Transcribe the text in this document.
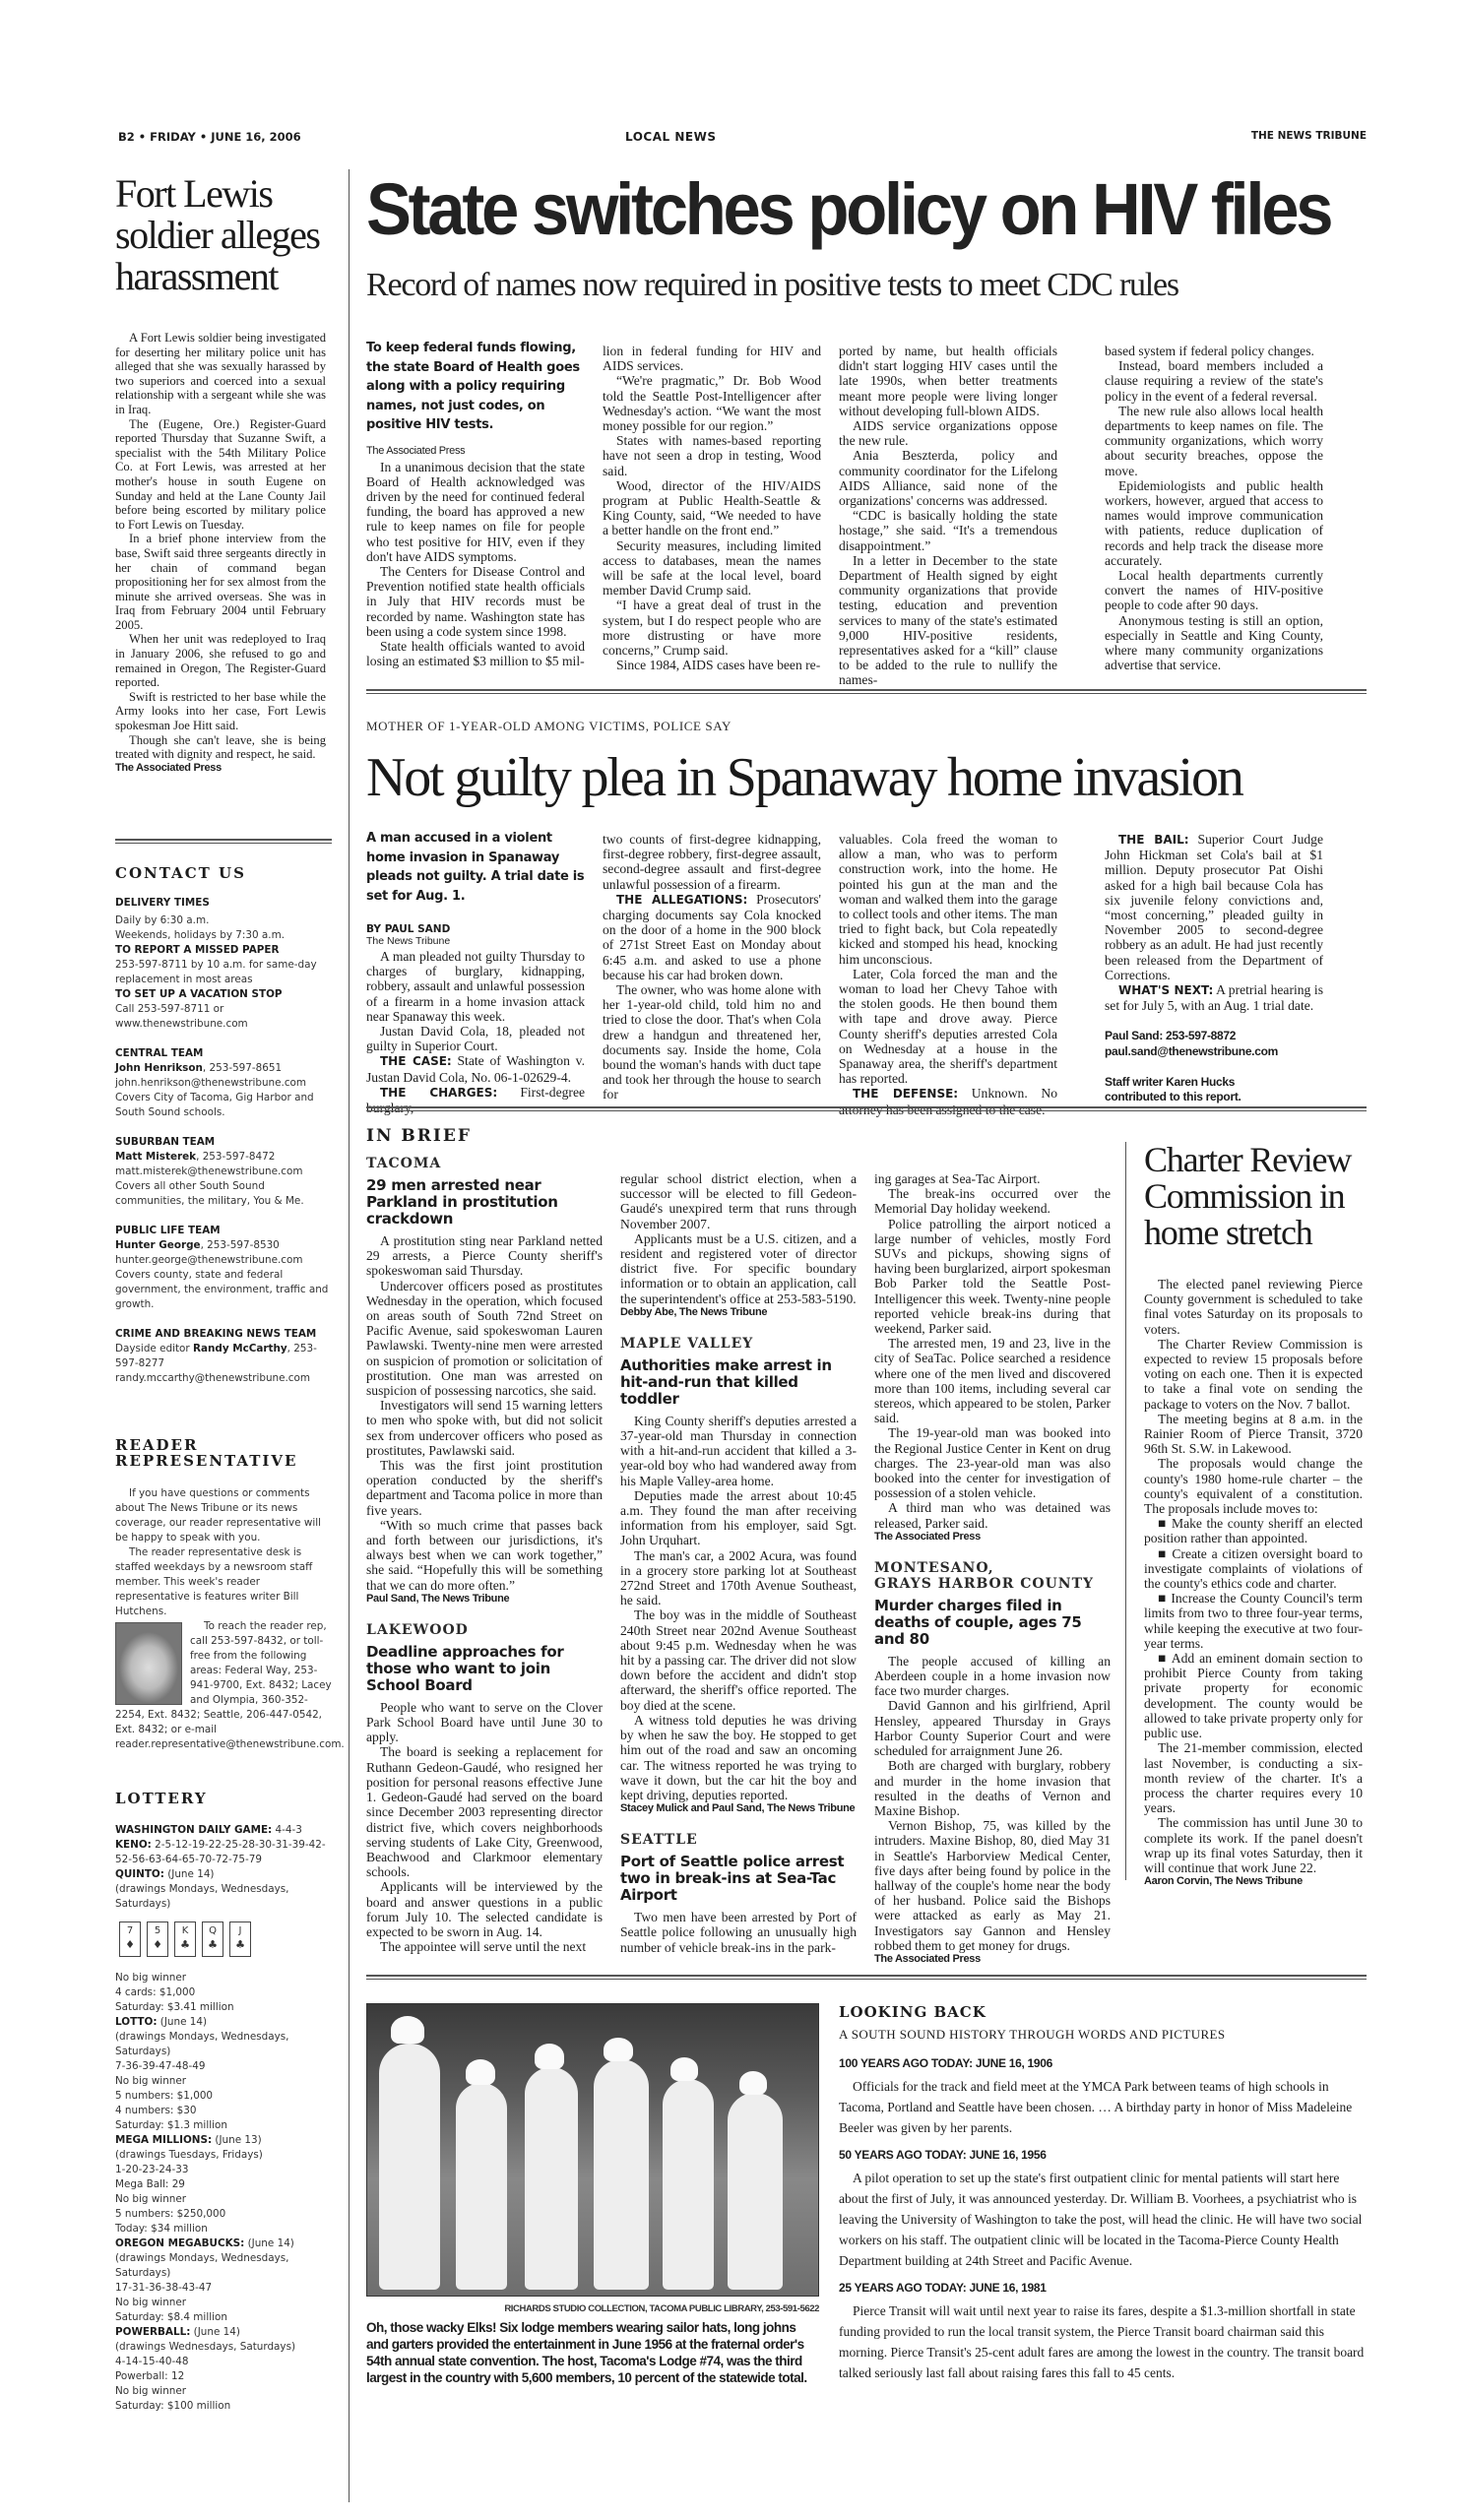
B2 • FRIDAY • JUNE 16, 2006	LOCAL NEWS	THE NEWS TRIBUNE
Fort Lewis soldier alleges harassment

A Fort Lewis soldier being investigated for deserting her military police unit has alleged that she was sexually harassed by two superiors and coerced into a sexual relationship with a sergeant while she was in Iraq.

The (Eugene, Ore.) Register-Guard reported Thursday that Suzanne Swift, a specialist with the 54th Military Police Co. at Fort Lewis, was arrested at her mother's house in south Eugene on Sunday and held at the Lane County Jail before being escorted by military police to Fort Lewis on Tuesday.

In a brief phone interview from the base, Swift said three sergeants directly in her chain of command began propositioning her for sex almost from the minute she arrived overseas. She was in Iraq from February 2004 until February 2005.

When her unit was redeployed to Iraq in January 2006, she refused to go and remained in Oregon, The Register-Guard reported.

Swift is restricted to her base while the Army looks into her case, Fort Lewis spokesman Joe Hitt said.

Though she can't leave, she is being treated with dignity and respect, he said.

The Associated Press
CONTACT US
DELIVERY TIMES
Daily by 6:30 a.m.
Weekends, holidays by 7:30 a.m.
TO REPORT A MISSED PAPER
253-597-8711 by 10 a.m. for same-day replacement in most areas
TO SET UP A VACATION STOP
Call 253-597-8711 or www.thenewstribune.com
CENTRAL TEAM
John Henrikson, 253-597-8651
john.henrikson@thenewstribune.com
Covers City of Tacoma, Gig Harbor and South Sound schools.
SUBURBAN TEAM
Matt Misterek, 253-597-8472
matt.misterek@thenewstribune.com
Covers all other South Sound communities, the military, You & Me.
PUBLIC LIFE TEAM
Hunter George, 253-597-8530
hunter.george@thenewstribune.com
Covers county, state and federal government, the environment, traffic and growth.
CRIME AND BREAKING NEWS TEAM
Dayside editor Randy McCarthy, 253-597-8277
randy.mccarthy@thenewstribune.com
READER
REPRESENTATIVE

If you have questions or comments about The News Tribune or its news coverage, our reader representative will be happy to speak with you.

The reader representative desk is staffed weekdays by a newsroom staff member. This week's reader representative is features writer Bill Hutchens.

To reach the reader rep, call 253-597-8432, or toll-free from the following areas: Federal Way, 253-941-9700, Ext. 8432; Lacey and Olympia, 360-352-2254, Ext. 8432; Seattle, 206-447-0542, Ext. 8432; or e-mail reader.representative@thenewstribune.com.

LOTTERY
WASHINGTON DAILY GAME: 4-4-3
KENO: 2-5-12-19-22-25-28-30-31-39-42-52-56-63-64-65-70-72-75-79
QUINTO: (June 14)
(drawings Mondays, Wednesdays, Saturdays)
7
♦
5
♦
K
♣
Q
♣
J
♣
No big winner
4 cards: $1,000
Saturday: $3.41 million
LOTTO: (June 14)
(drawings Mondays, Wednesdays, Saturdays)
7-36-39-47-48-49
No big winner
5 numbers: $1,000
4 numbers: $30
Saturday: $1.3 million
MEGA MILLIONS: (June 13)
(drawings Tuesdays, Fridays)
1-20-23-24-33
Mega Ball: 29
No big winner
5 numbers: $250,000
Today: $34 million
OREGON MEGABUCKS: (June 14)
(drawings Mondays, Wednesdays, Saturdays)
17-31-36-38-43-47
No big winner
Saturday: $8.4 million
POWERBALL: (June 14)
(drawings Wednesdays, Saturdays)
4-14-15-40-48
Powerball: 12
No big winner
Saturday: $100 million
State switches policy on HIV files
Record of names now required in positive tests to meet CDC rules
To keep federal funds flowing, the state Board of Health goes along with a policy requiring names, not just codes, on positive HIV tests.
The Associated Press

In a unanimous decision that the state Board of Health acknowledged was driven by the need for continued federal funding, the board has approved a new rule to keep names on file for people who test positive for HIV, even if they don't have AIDS symptoms.

The Centers for Disease Control and Prevention notified state health officials in July that HIV records must be recorded by name. Washington state has been using a code system since 1998.

State health officials wanted to avoid losing an estimated $3 million to $5 mil-

lion in federal funding for HIV and AIDS services.

“We're pragmatic,” Dr. Bob Wood told the Seattle Post-Intelligencer after Wednesday's action. “We want the most money possible for our region.”

States with names-based reporting have not seen a drop in testing, Wood said.

Wood, director of the HIV/AIDS program at Public Health-Seattle & King County, said, “We needed to have a better handle on the front end.”

Security measures, including limited access to databases, mean the names will be safe at the local level, board member David Crump said.

“I have a great deal of trust in the system, but I do respect people who are more distrusting or have more concerns,” Crump said.

Since 1984, AIDS cases have been re-

ported by name, but health officials didn't start logging HIV cases until the late 1990s, when better treatments meant more people were living longer without developing full-blown AIDS.

AIDS service organizations oppose the new rule.

Ania Beszterda, policy and community coordinator for the Lifelong AIDS Alliance, said none of the organizations' concerns was addressed.

“CDC is basically holding the state hostage,” she said. “It's a tremendous disappointment.”

In a letter in December to the state Department of Health signed by eight community organizations that provide testing, education and prevention services to many of the state's estimated 9,000 HIV-positive residents, representatives asked for a “kill” clause to be added to the rule to nullify the names-

based system if federal policy changes.

Instead, board members included a clause requiring a review of the state's policy in the event of a federal reversal.

The new rule also allows local health departments to keep names on file. The community organizations, which worry about security breaches, oppose the move.

Epidemiologists and public health workers, however, argued that access to names would improve communication with patients, reduce duplication of records and help track the disease more accurately.

Local health departments currently convert the names of HIV-positive people to code after 90 days.

Anonymous testing is still an option, especially in Seattle and King County, where many community organizations advertise that service.

MOTHER OF 1-YEAR-OLD AMONG VICTIMS, POLICE SAY
Not guilty plea in Spanaway home invasion
A man accused in a violent home invasion in Spanaway pleads not guilty. A trial date is set for Aug. 1.
BY PAUL SAND
The News Tribune

A man pleaded not guilty Thursday to charges of burglary, kidnapping, robbery, assault and unlawful possession of a firearm in a home invasion attack near Spanaway this week.

Justan David Cola, 18, pleaded not guilty in Superior Court.

THE CASE: State of Washington v. Justan David Cola, No. 06-1-02629-4.

THE CHARGES: First-degree burglary,

two counts of first-degree kidnapping, first-degree robbery, first-degree assault, second-degree assault and first-degree unlawful possession of a firearm.

THE ALLEGATIONS: Prosecutors' charging documents say Cola knocked on the door of a home in the 900 block of 271st Street East on Monday about 6:45 a.m. and asked to use a phone because his car had broken down.

The owner, who was home alone with her 1-year-old child, told him no and tried to close the door. That's when Cola drew a handgun and threatened her, documents say. Inside the home, Cola bound the woman's hands with duct tape and took her through the house to search for

valuables. Cola freed the woman to allow a man, who was to perform construction work, into the home. He pointed his gun at the man and the woman and walked them into the garage to collect tools and other items. The man tried to fight back, but Cola repeatedly kicked and stomped his head, knocking him unconscious.

Later, Cola forced the man and the woman to load her Chevy Tahoe with the stolen goods. He then bound them with tape and drove away. Pierce County sheriff's deputies arrested Cola on Wednesday at a house in the Spanaway area, the sheriff's department has reported.

THE DEFENSE: Unknown. No attorney has been assigned to the case.

THE BAIL: Superior Court Judge John Hickman set Cola's bail at $1 million. Deputy prosecutor Pat Oishi asked for a high bail because Cola has six juvenile felony convictions and, “most concerning,” pleaded guilty in November 2005 to second-degree robbery as an adult. He had just recently been released from the Department of Corrections.

WHAT'S NEXT: A pretrial hearing is set for July 5, with an Aug. 1 trial date.

Paul Sand: 253-597-8872
paul.sand@thenewstribune.com
Staff writer Karen Hucks contributed to this report.
IN BRIEF
TACOMA
29 men arrested near Parkland in prostitution crackdown

A prostitution sting near Parkland netted 29 arrests, a Pierce County sheriff's spokeswoman said Thursday.

Undercover officers posed as prostitutes Wednesday in the operation, which focused on areas south of South 72nd Street on Pacific Avenue, said spokeswoman Lauren Pawlawski. Twenty-nine men were arrested on suspicion of promotion or solicitation of prostitution. One man was arrested on suspicion of possessing narcotics, she said.

Investigators will send 15 warning letters to men who spoke with, but did not solicit sex from undercover officers who posed as prostitutes, Pawlawski said.

This was the first joint prostitution operation conducted by the sheriff's department and Tacoma police in more than five years.

“With so much crime that passes back and forth between our jurisdictions, it's always best when we can work together,” she said. “Hopefully this will be something that we can do more often.”

Paul Sand, The News Tribune
LAKEWOOD
Deadline approaches for those who want to join School Board

People who want to serve on the Clover Park School Board have until June 30 to apply.

The board is seeking a replacement for Ruthann Gedeon-Gaudé, who resigned her position for personal reasons effective June 1. Gedeon-Gaudé had served on the board since December 2003 representing director district five, which covers neighborhoods serving students of Lake City, Greenwood, Beachwood and Clarkmoor elementary schools.

Applicants will be interviewed by the board and answer questions in a public forum July 10. The selected candidate is expected to be sworn in Aug. 14.

The appointee will serve until the next

regular school district election, when a successor will be elected to fill Gedeon-Gaudé's unexpired term that runs through November 2007.

Applicants must be a U.S. citizen, and a resident and registered voter of director district five. For specific boundary information or to obtain an application, call the superintendent's office at 253-583-5190.

Debby Abe, The News Tribune
MAPLE VALLEY
Authorities make arrest in hit-and-run that killed toddler

King County sheriff's deputies arrested a 37-year-old man Thursday in connection with a hit-and-run accident that killed a 3-year-old boy who had wandered away from his Maple Valley-area home.

Deputies made the arrest about 10:45 a.m. They found the man after receiving information from his employer, said Sgt. John Urquhart.

The man's car, a 2002 Acura, was found in a grocery store parking lot at Southeast 272nd Street and 170th Avenue Southeast, he said.

The boy was in the middle of Southeast 240th Street near 202nd Avenue Southeast about 9:45 p.m. Wednesday when he was hit by a passing car. The driver did not slow down before the accident and didn't stop afterward, the sheriff's office reported. The boy died at the scene.

A witness told deputies he was driving by when he saw the boy. He stopped to get him out of the road and saw an oncoming car. The witness reported he was trying to wave it down, but the car hit the boy and kept driving, deputies reported.

Stacey Mulick and Paul Sand, The News Tribune
SEATTLE
Port of Seattle police arrest two in break-ins at Sea-Tac Airport

Two men have been arrested by Port of Seattle police following an unusually high number of vehicle break-ins in the park-

ing garages at Sea-Tac Airport.

The break-ins occurred over the Memorial Day holiday weekend.

Police patrolling the airport noticed a large number of vehicles, mostly Ford SUVs and pickups, showing signs of having been burglarized, airport spokesman Bob Parker told the Seattle Post-Intelligencer this week. Twenty-nine people reported vehicle break-ins during that weekend, Parker said.

The arrested men, 19 and 23, live in the city of SeaTac. Police searched a residence where one of the men lived and discovered more than 100 items, including several car stereos, which appeared to be stolen, Parker said.

The 19-year-old man was booked into the Regional Justice Center in Kent on drug charges. The 23-year-old man was also booked into the center for investigation of possession of a stolen vehicle.

A third man who was detained was released, Parker said.

The Associated Press
MONTESANO,
GRAYS HARBOR COUNTY
Murder charges filed in deaths of couple, ages 75 and 80

The people accused of killing an Aberdeen couple in a home invasion now face two murder charges.

David Gannon and his girlfriend, April Hensley, appeared Thursday in Grays Harbor County Superior Court and were scheduled for arraignment June 26.

Both are charged with burglary, robbery and murder in the home invasion that resulted in the deaths of Vernon and Maxine Bishop.

Vernon Bishop, 75, was killed by the intruders. Maxine Bishop, 80, died May 31 in Seattle's Harborview Medical Center, five days after being found by police in the hallway of the couple's home near the body of her husband. Police said the Bishops were attacked as early as May 21. Investigators say Gannon and Hensley robbed them to get money for drugs.

The Associated Press
Charter Review Commission in home stretch

The elected panel reviewing Pierce County government is scheduled to take final votes Saturday on its proposals to voters.

The Charter Review Commission is expected to review 15 proposals before voting on each one. Then it is expected to take a final vote on sending the package to voters on the Nov. 7 ballot.

The meeting begins at 8 a.m. in the Rainier Room of Pierce Transit, 3720 96th St. S.W. in Lakewood.

The proposals would change the county's 1980 home-rule charter – the county's equivalent of a constitution. The proposals include moves to:

■ Make the county sheriff an elected position rather than appointed.

■ Create a citizen oversight board to investigate complaints of violations of the county's ethics code and charter.

■ Increase the County Council's term limits from two to three four-year terms, while keeping the executive at two four-year terms.

■ Add an eminent domain section to prohibit Pierce County from taking private property for economic development. The county would be allowed to take private property only for public use.

The 21-member commission, elected last November, is conducting a six-month review of the charter. It's a process the charter requires every 10 years.

The commission has until June 30 to complete its work. If the panel doesn't wrap up its final votes Saturday, then it will continue that work June 22.

Aaron Corvin, The News Tribune
RICHARDS STUDIO COLLECTION, TACOMA PUBLIC LIBRARY, 253-591-5622
Oh, those wacky Elks! Six lodge members wearing sailor hats, long johns and garters provided the entertainment in June 1956 at the fraternal order's 54th annual state convention. The host, Tacoma's Lodge #74, was the third largest in the country with 5,600 members, 10 percent of the statewide total.
LOOKING BACK
A SOUTH SOUND HISTORY THROUGH WORDS AND PICTURES
100 YEARS AGO TODAY: JUNE 16, 1906
Officials for the track and field meet at the YMCA Park between teams of high schools in Tacoma, Portland and Seattle have been chosen. … A birthday party in honor of Miss Madeleine Beeler was given by her parents.
50 YEARS AGO TODAY: JUNE 16, 1956
A pilot operation to set up the state's first outpatient clinic for mental patients will start here about the first of July, it was announced yesterday. Dr. William B. Voorhees, a psychiatrist who is leaving the University of Washington to take the post, will head the clinic. He will have two social workers on his staff. The outpatient clinic will be located in the Tacoma-Pierce County Health Department building at 24th Street and Pacific Avenue.
25 YEARS AGO TODAY: JUNE 16, 1981
Pierce Transit will wait until next year to raise its fares, despite a $1.3-million shortfall in state funding provided to run the local transit system, the Pierce Transit board chairman said this morning. Pierce Transit's 25-cent adult fares are among the lowest in the country. The transit board talked seriously last fall about raising fares this fall to 45 cents.
